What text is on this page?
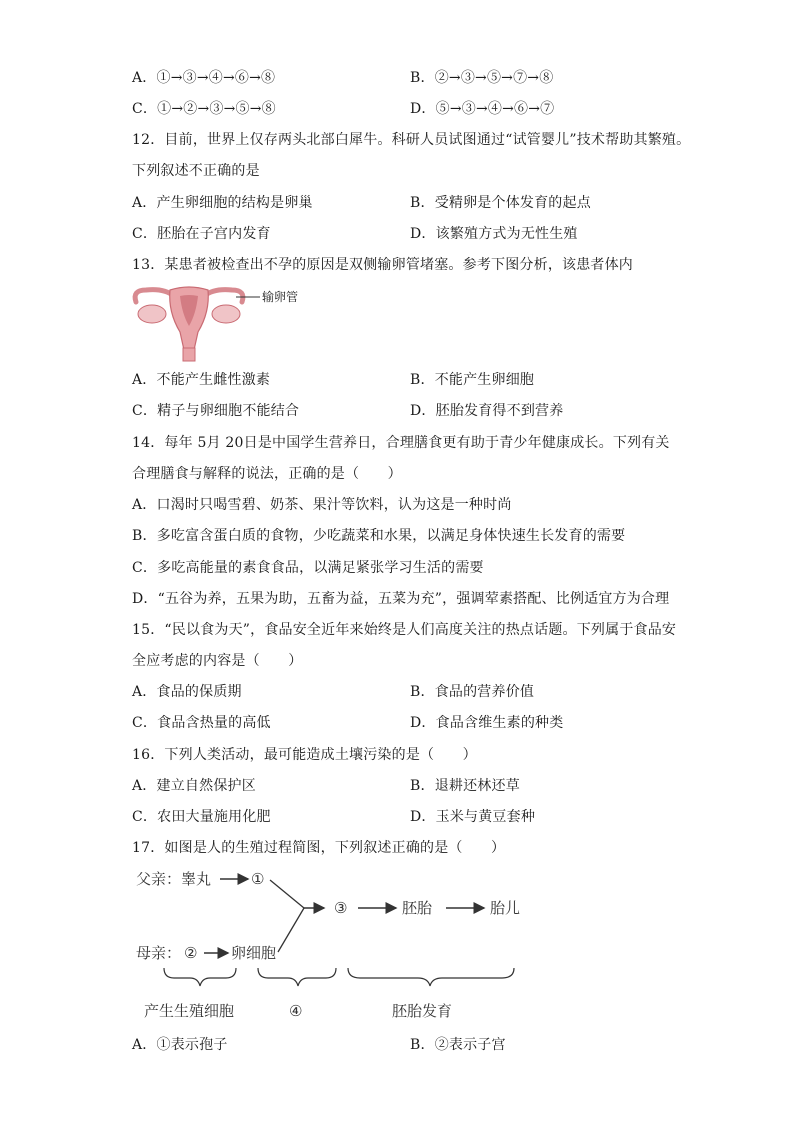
A．①→③→④→⑥→⑧	B．②→③→⑤→⑦→⑧
C．①→②→③→⑤→⑧	D．⑤→③→④→⑥→⑦
12．目前，世界上仅存两头北部白犀牛。科研人员试图通过“试管婴儿”技术帮助其繁殖。
下列叙述不正确的是
A．产生卵细胞的结构是卵巢	B．受精卵是个体发育的起点
C．胚胎在子宫内发育	D．该繁殖方式为无性生殖
13．某患者被检查出不孕的原因是双侧输卵管堵塞。参考下图分析，该患者体内
输卵管
A．不能产生雌性激素	B．不能产生卵细胞
C．精子与卵细胞不能结合	D．胚胎发育得不到营养
14．每年 5月 20日是中国学生营养日，合理膳食更有助于青少年健康成长。下列有关
合理膳食与解释的说法，正确的是（　　）
A．口渴时只喝雪碧、奶茶、果汁等饮料，认为这是一种时尚
B．多吃富含蛋白质的食物，少吃蔬菜和水果，以满足身体快速生长发育的需要
C．多吃高能量的素食食品，以满足紧张学习生活的需要
D．“五谷为养，五果为助，五畜为益，五菜为充”，强调荤素搭配、比例适宜方为合理
15．“民以食为天”，食品安全近年来始终是人们高度关注的热点话题。下列属于食品安
全应考虑的内容是（　　）
A．食品的保质期	B．食品的营养价值
C．食品含热量的高低	D．食品含维生素的种类
16．下列人类活动，最可能造成土壤污染的是（　　）
A．建立自然保护区	B．退耕还林还草
C．农田大量施用化肥	D．玉米与黄豆套种
17．如图是人的生殖过程简图，下列叙述正确的是（　　）
父亲：睾丸	①
③	胚胎	胎儿
母亲： ② 卵细胞
产生生殖细胞	④	胚胎发育
A．①表示孢子	B．②表示子宫
